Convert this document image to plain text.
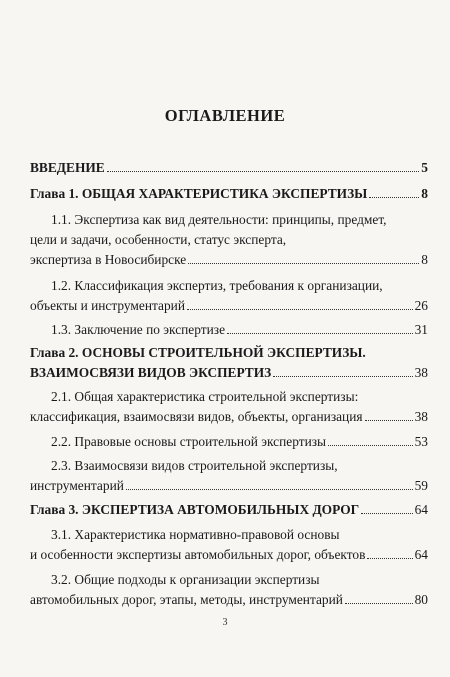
ОГЛАВЛЕНИЕ
ВВЕДЕНИЕ	5
Глава 1. ОБЩАЯ ХАРАКТЕРИСТИКА ЭКСПЕРТИЗЫ	8
1.1. Экспертиза как вид деятельности: принципы, предмет,
цели и задачи, особенности, статус эксперта,
экспертиза в Новосибирске	8
1.2. Классификация экспертиз, требования к организации,
объекты и инструментарий	26
1.3. Заключение по экспертизе	31
Глава 2. ОСНОВЫ СТРОИТЕЛЬНОЙ ЭКСПЕРТИЗЫ.
ВЗАИМОСВЯЗИ ВИДОВ ЭКСПЕРТИЗ	38
2.1. Общая характеристика строительной экспертизы:
классификация, взаимосвязи видов, объекты, организация	38
2.2. Правовые основы строительной экспертизы	53
2.3. Взаимосвязи видов строительной экспертизы,
инструментарий	59
Глава 3. ЭКСПЕРТИЗА АВТОМОБИЛЬНЫХ ДОРОГ	64
3.1. Характеристика нормативно-правовой основы
и особенности экспертизы автомобильных дорог, объектов	64
3.2. Общие подходы к организации экспертизы
автомобильных дорог, этапы, методы, инструментарий	80
3
